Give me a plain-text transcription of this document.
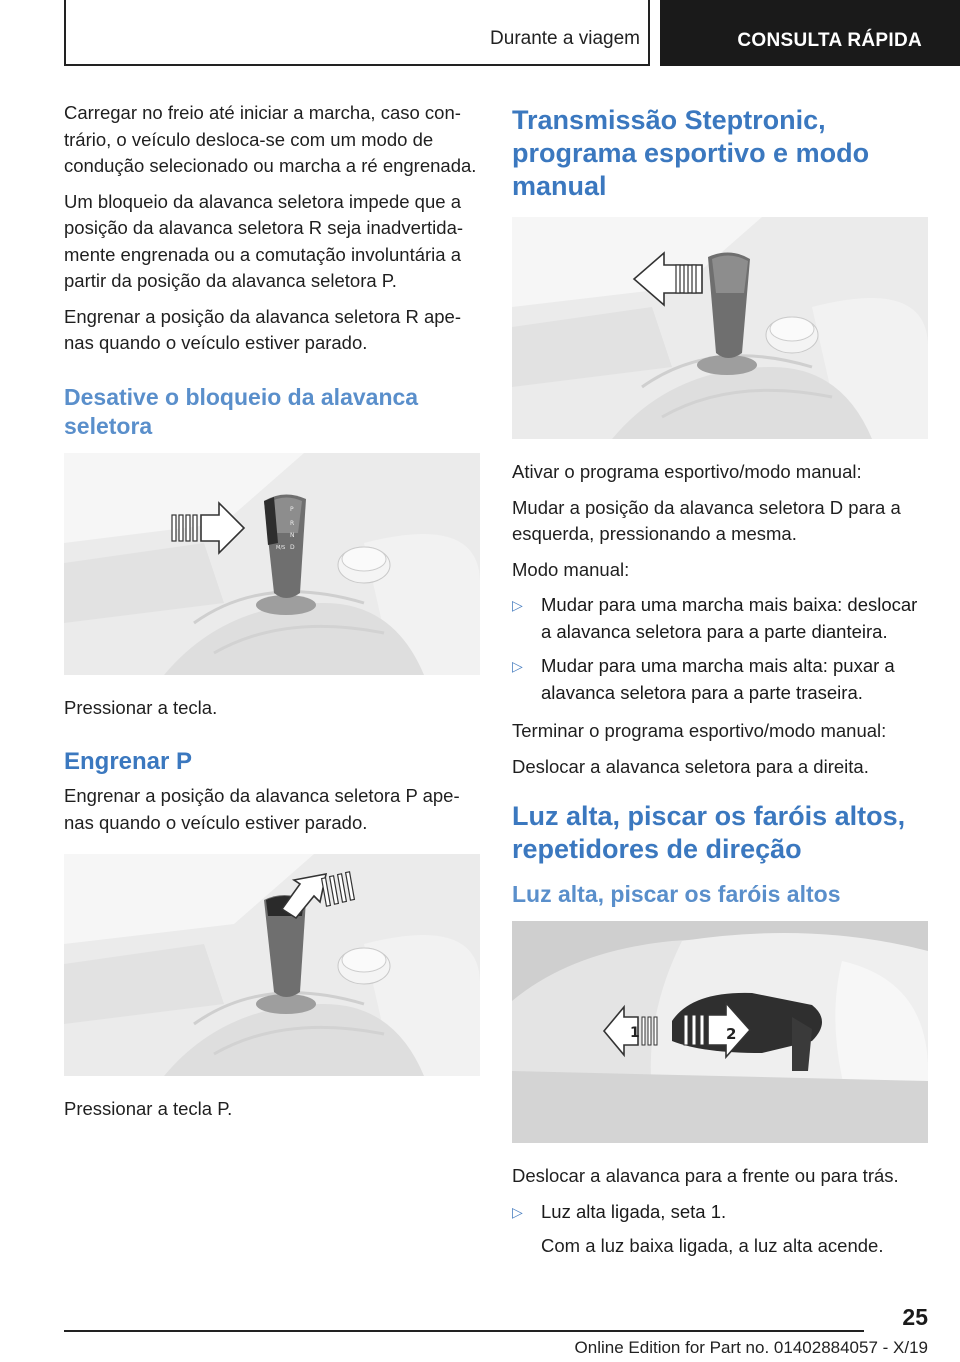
Durante a viagem	CONSULTA RÁPIDA

Carregar no freio até iniciar a marcha, caso contrário, o veículo desloca-se com um modo de condução selecionado ou marcha a ré engrenada.

Um bloqueio da alavanca seletora impede que a posição da alavanca seletora R seja inadvertidamente engrenada ou a comutação involuntária a partir da posição da alavanca seletora P.

Engrenar a posição da alavanca seletora R apenas quando o veículo estiver parado.

Desative o bloqueio da alavanca seletora
P
R
N
D
M/S

Pressionar a tecla.

Engrenar P

Engrenar a posição da alavanca seletora P apenas quando o veículo estiver parado.

Pressionar a tecla P.

Transmissão Steptronic, programa esportivo e modo manual

Ativar o programa esportivo/modo manual:

Mudar a posição da alavanca seletora D para a esquerda, pressionando a mesma.

Modo manual:

▷ Mudar para uma marcha mais baixa: deslocar a alavanca seletora para a parte dianteira.
▷ Mudar para uma marcha mais alta: puxar a alavanca seletora para a parte traseira.

Terminar o programa esportivo/modo manual:

Deslocar a alavanca seletora para a direita.

Luz alta, piscar os faróis altos, repetidores de direção
Luz alta, piscar os faróis altos
1	2

Deslocar a alavanca para a frente ou para trás.

▷ Luz alta ligada, seta 1.

Com a luz baixa ligada, a luz alta acende.

25
Online Edition for Part no. 01402884057 - X/19
